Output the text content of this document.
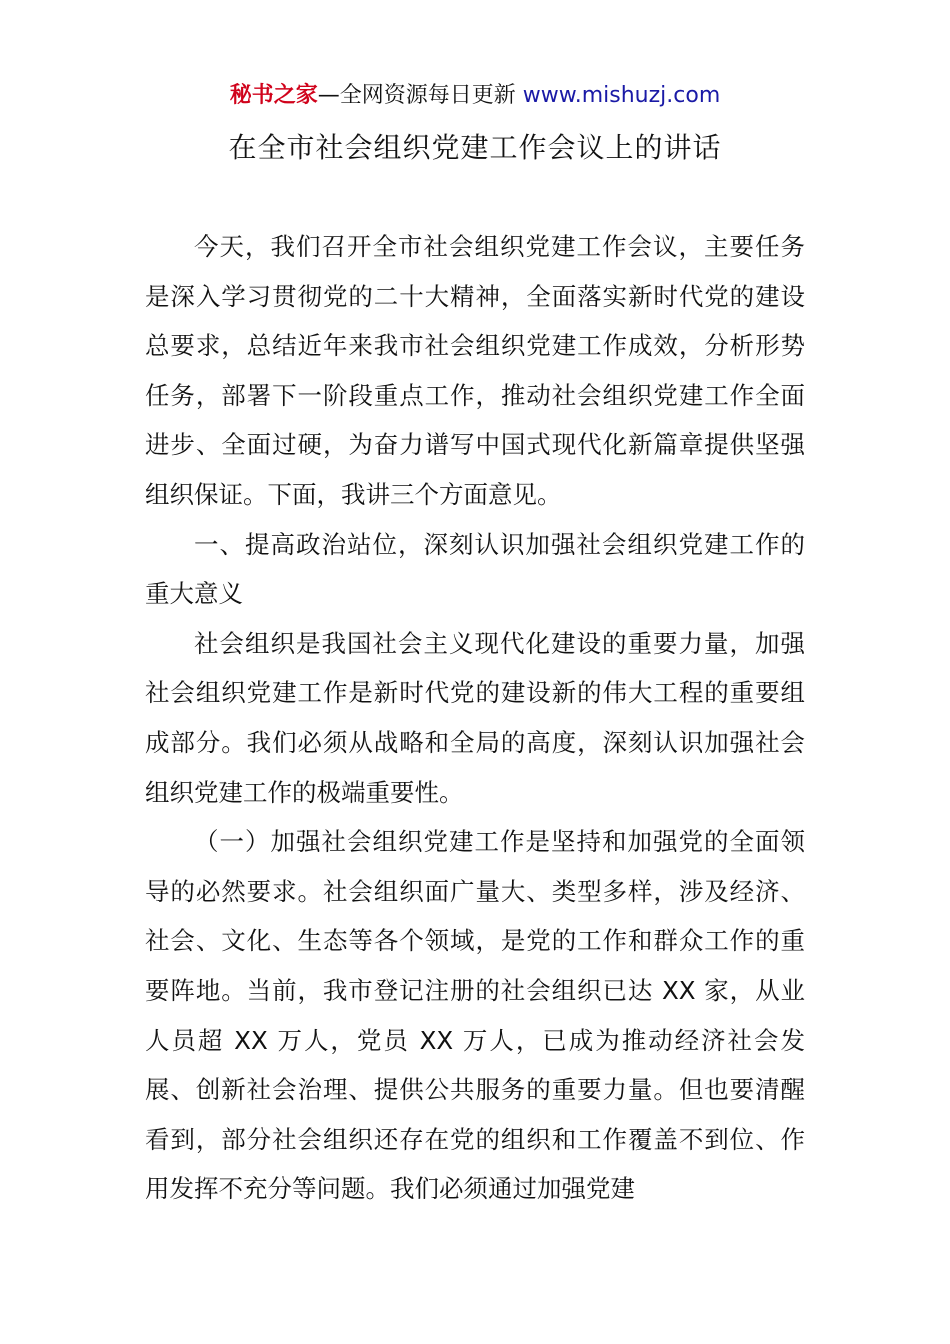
秘书之家—全网资源每日更新 www.mishuzj.com
在全市社会组织党建工作会议上的讲话

今天，我们召开全市社会组织党建工作会议，主要任务是深入学习贯彻党的二十大精神，全面落实新时代党的建设总要求，总结近年来我市社会组织党建工作成效，分析形势任务，部署下一阶段重点工作，推动社会组织党建工作全面进步、全面过硬，为奋力谱写中国式现代化新篇章提供坚强组织保证。下面，我讲三个方面意见。

一、提高政治站位，深刻认识加强社会组织党建工作的重大意义

社会组织是我国社会主义现代化建设的重要力量，加强社会组织党建工作是新时代党的建设新的伟大工程的重要组成部分。我们必须从战略和全局的高度，深刻认识加强社会组织党建工作的极端重要性。

（一）加强社会组织党建工作是坚持和加强党的全面领导的必然要求。社会组织面广量大、类型多样，涉及经济、社会、文化、生态等各个领域，是党的工作和群众工作的重要阵地。当前，我市登记注册的社会组织已达 XX 家，从业人员超 XX 万人，党员 XX 万人，已成为推动经济社会发展、创新社会治理、提供公共服务的重要力量。但也要清醒看到，部分社会组织还存在党的组织和工作覆盖不到位、作用发挥不充分等问题。我们必须通过加强党建
